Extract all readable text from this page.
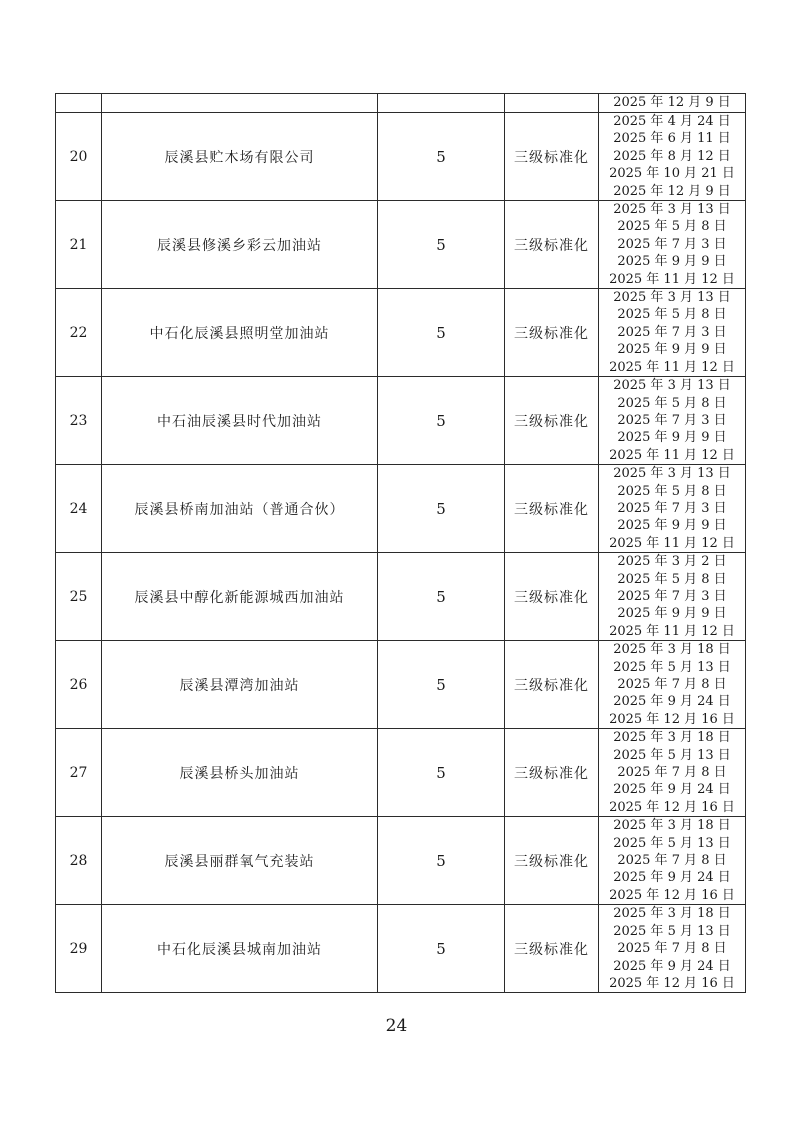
				2025 年 12 月 9 日

20	辰溪县贮木场有限公司	5	三级标准化	2025 年 4 月 24 日
2025 年 6 月 11 日
2025 年 8 月 12 日
2025 年 10 月 21 日
2025 年 12 月 9 日

21	辰溪县修溪乡彩云加油站	5	三级标准化	2025 年 3 月 13 日
2025 年 5 月 8 日
2025 年 7 月 3 日
2025 年 9 月 9 日
2025 年 11 月 12 日

22	中石化辰溪县照明堂加油站	5	三级标准化	2025 年 3 月 13 日
2025 年 5 月 8 日
2025 年 7 月 3 日
2025 年 9 月 9 日
2025 年 11 月 12 日

23	中石油辰溪县时代加油站	5	三级标准化	2025 年 3 月 13 日
2025 年 5 月 8 日
2025 年 7 月 3 日
2025 年 9 月 9 日
2025 年 11 月 12 日

24	辰溪县桥南加油站（普通合伙）	5	三级标准化	2025 年 3 月 13 日
2025 年 5 月 8 日
2025 年 7 月 3 日
2025 年 9 月 9 日
2025 年 11 月 12 日

25	辰溪县中醇化新能源城西加油站	5	三级标准化	2025 年 3 月 2 日
2025 年 5 月 8 日
2025 年 7 月 3 日
2025 年 9 月 9 日
2025 年 11 月 12 日

26	辰溪县潭湾加油站	5	三级标准化	2025 年 3 月 18 日
2025 年 5 月 13 日
2025 年 7 月 8 日
2025 年 9 月 24 日
2025 年 12 月 16 日

27	辰溪县桥头加油站	5	三级标准化	2025 年 3 月 18 日
2025 年 5 月 13 日
2025 年 7 月 8 日
2025 年 9 月 24 日
2025 年 12 月 16 日

28	辰溪县丽群氧气充装站	5	三级标准化	2025 年 3 月 18 日
2025 年 5 月 13 日
2025 年 7 月 8 日
2025 年 9 月 24 日
2025 年 12 月 16 日

29	中石化辰溪县城南加油站	5	三级标准化	2025 年 3 月 18 日
2025 年 5 月 13 日
2025 年 7 月 8 日
2025 年 9 月 24 日
2025 年 12 月 16 日
24
